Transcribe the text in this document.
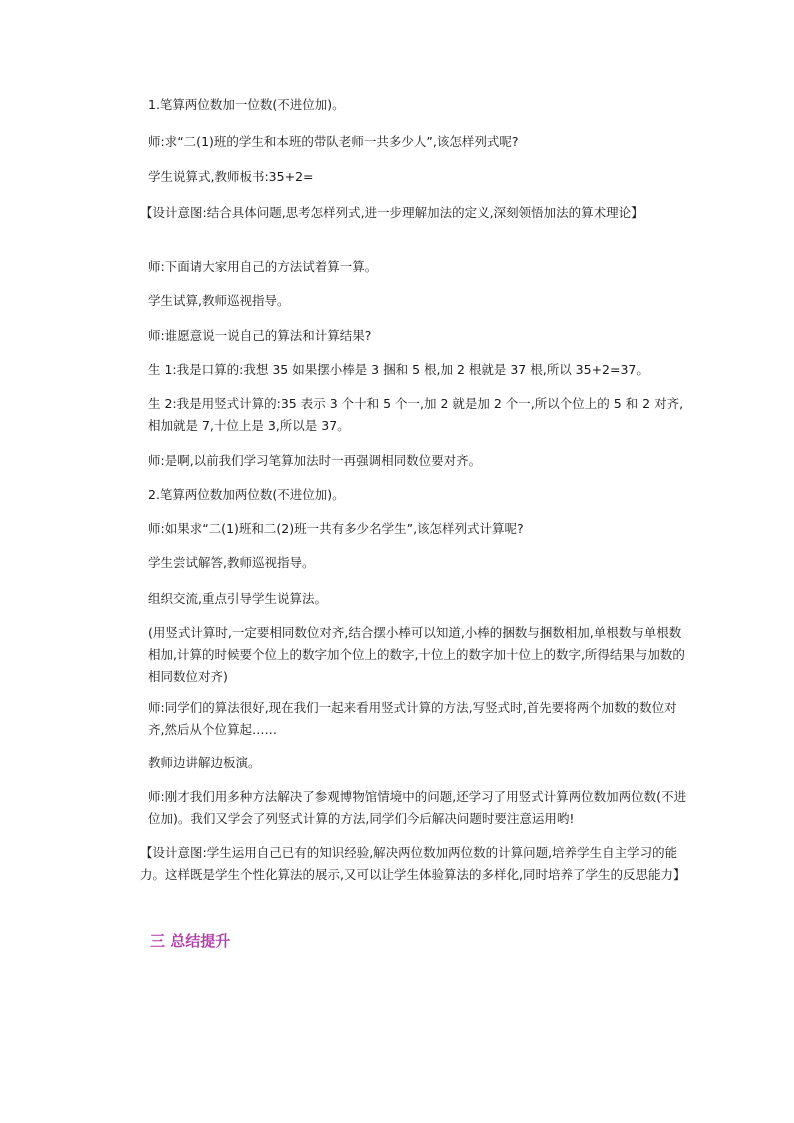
1.笔算两位数加一位数(不进位加)。

师:求“二(1)班的学生和本班的带队老师一共多少人”,该怎样列式呢?

学生说算式,教师板书:35+2=

【设计意图:结合具体问题,思考怎样列式,进一步理解加法的定义,深刻领悟加法的算术理论】

师:下面请大家用自己的方法试着算一算。

学生试算,教师巡视指导。

师:谁愿意说一说自己的算法和计算结果?

生 1:我是口算的:我想 35 如果摆小棒是 3 捆和 5 根,加 2 根就是 37 根,所以 35+2=37。

生 2:我是用竖式计算的:35 表示 3 个十和 5 个一,加 2 就是加 2 个一,所以个位上的 5 和 2 对齐,相加就是 7,十位上是 3,所以是 37。

师:是啊,以前我们学习笔算加法时一再强调相同数位要对齐。

2.笔算两位数加两位数(不进位加)。

师:如果求“二(1)班和二(2)班一共有多少名学生”,该怎样列式计算呢?

学生尝试解答,教师巡视指导。

组织交流,重点引导学生说算法。

(用竖式计算时,一定要相同数位对齐,结合摆小棒可以知道,小棒的捆数与捆数相加,单根数与单根数相加,计算的时候要个位上的数字加个位上的数字,十位上的数字加十位上的数字,所得结果与加数的相同数位对齐)

师:同学们的算法很好,现在我们一起来看用竖式计算的方法,写竖式时,首先要将两个加数的数位对齐,然后从个位算起……

教师边讲解边板演。

师:刚才我们用多种方法解决了参观博物馆情境中的问题,还学习了用竖式计算两位数加两位数(不进位加)。我们又学会了列竖式计算的方法,同学们今后解决问题时要注意运用哟!

【设计意图:学生运用自己已有的知识经验,解决两位数加两位数的计算问题,培养学生自主学习的能力。这样既是学生个性化算法的展示,又可以让学生体验算法的多样化,同时培养了学生的反思能力】

三 总结提升
